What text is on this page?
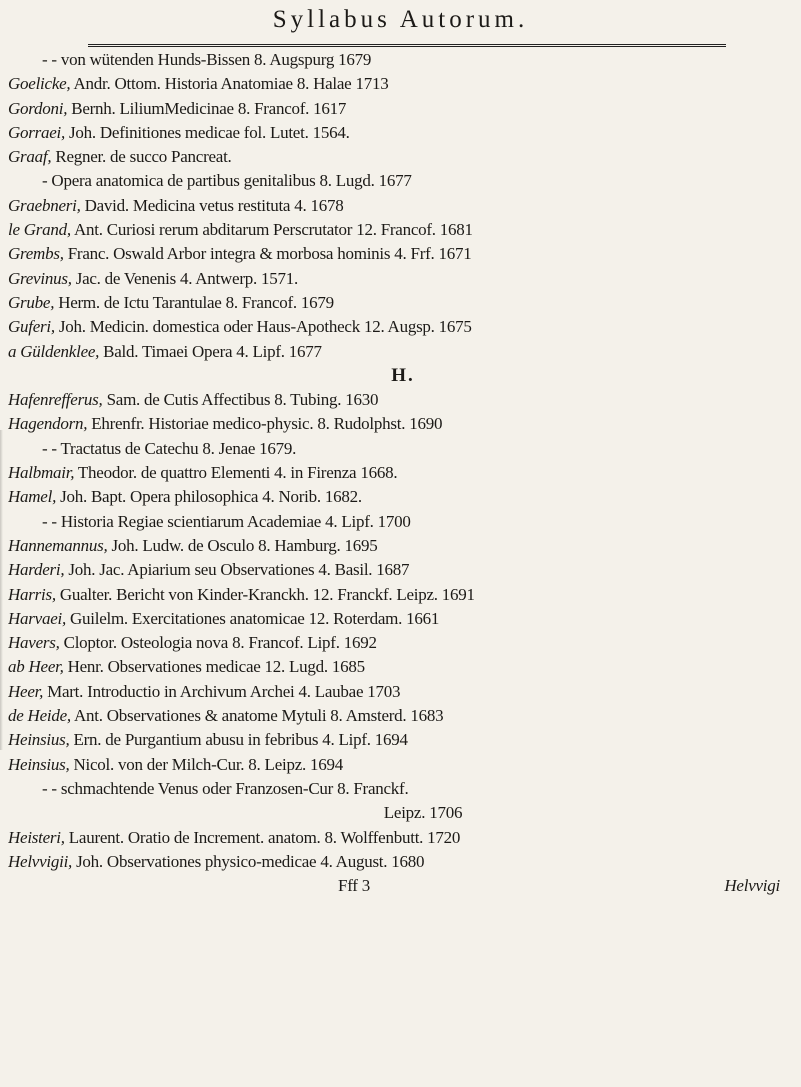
Syllabus Autorum.
- - von wütenden Hunds-Bissen 8. Augspurg 1679
Goelicke, Andr. Ottom. Historia Anatomiae 8. Halae 1713
Gordoni, Bernh. LiliumMedicinae 8. Francof. 1617
Gorraei, Joh. Definitiones medicae fol. Lutet. 1564.
Graaf, Regner. de succo Pancreat.
- Opera anatomica de partibus genitalibus 8. Lugd. 1677
Graebneri, David. Medicina vetus restituta 4. 1678
le Grand, Ant. Curiosi rerum abditarum Perscrutator 12. Francof. 1681
Grembs, Franc. Oswald Arbor integra & morbosa hominis 4. Frf. 1671
Grevinus, Jac. de Venenis 4. Antwerp. 1571.
Grube, Herm. de Ictu Tarantulae 8. Francof. 1679
Guferi, Joh. Medicin. domestica oder Haus-Apotheck 12. Augsp. 1675
a Güldenklee, Bald. Timaei Opera 4. Lipf. 1677
H.
Hafenrefferus, Sam. de Cutis Affectibus 8. Tubing. 1630
Hagendorn, Ehrenfr. Historiae medico-physic. 8. Rudolphst. 1690
- - Tractatus de Catechu 8. Jenae 1679.
Halbmair, Theodor. de quattro Elementi 4. in Firenza 1668.
Hamel, Joh. Bapt. Opera philosophica 4. Norib. 1682.
- - Historia Regiae scientiarum Academiae 4. Lipf. 1700
Hannemannus, Joh. Ludw. de Osculo 8. Hamburg. 1695
Harderi, Joh. Jac. Apiarium seu Observationes 4. Basil. 1687
Harris, Gualter. Bericht von Kinder-Kranckh. 12. Franckf. Leipz. 1691
Harvaei, Guilelm. Exercitationes anatomicae 12. Roterdam. 1661
Havers, Cloptor. Osteologia nova 8. Francof. Lipf. 1692
ab Heer, Henr. Observationes medicae 12. Lugd. 1685
Heer, Mart. Introductio in Archivum Archei 4. Laubae 1703
de Heide, Ant. Observationes & anatome Mytuli 8. Amsterd. 1683
Heinsius, Ern. de Purgantium abusu in febribus 4. Lipf. 1694
Heinsius, Nicol. von der Milch-Cur. 8. Leipz. 1694
- - schmachtende Venus oder Franzosen-Cur 8. Franckf.
Leipz. 1706
Heisteri, Laurent. Oratio de Increment. anatom. 8. Wolffenbutt. 1720
Helvvigii, Joh. Observationes physico-medicae 4. August. 1680
Fff 3	Helvvigi
